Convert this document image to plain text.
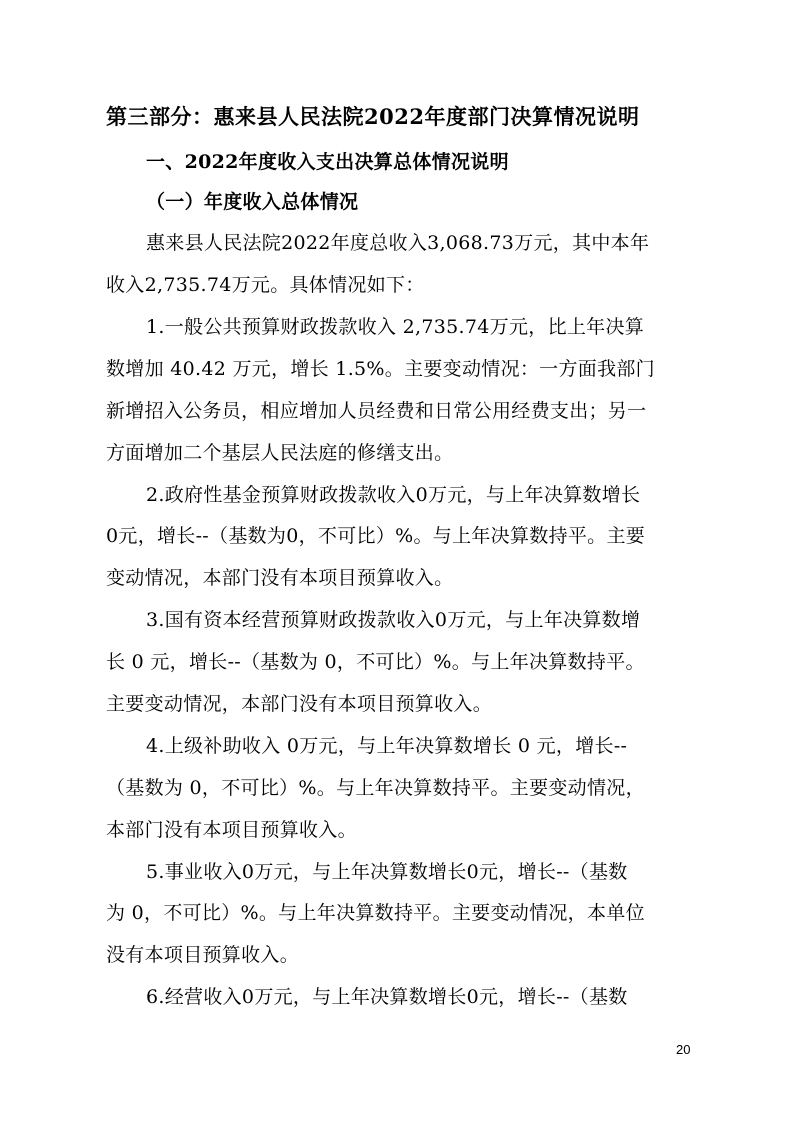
第三部分：惠来县人民法院2022年度部门决算情况说明
一、2022年度收入支出决算总体情况说明
（一）年度收入总体情况
惠来县人民法院2022年度总收入3,068.73万元，其中本年
收入2,735.74万元。具体情况如下：
1.一般公共预算财政拨款收入 2,735.74万元，比上年决算
数增加 40.42 万元，增长 1.5%。主要变动情况：一方面我部门
新增招入公务员，相应增加人员经费和日常公用经费支出；另一
方面增加二个基层人民法庭的修缮支出。
2.政府性基金预算财政拨款收入0万元，与上年决算数增长
0元，增长--（基数为0，不可比）%。与上年决算数持平。主要
变动情况，本部门没有本项目预算收入。
3.国有资本经营预算财政拨款收入0万元，与上年决算数增
长 0 元，增长--（基数为 0，不可比）%。与上年决算数持平。
主要变动情况，本部门没有本项目预算收入。
4.上级补助收入 0万元，与上年决算数增长 0 元，增长--
（基数为 0，不可比）%。与上年决算数持平。主要变动情况，
本部门没有本项目预算收入。
5.事业收入0万元，与上年决算数增长0元，增长--（基数
为 0，不可比）%。与上年决算数持平。主要变动情况，本单位
没有本项目预算收入。
6.经营收入0万元，与上年决算数增长0元，增长--（基数
20
